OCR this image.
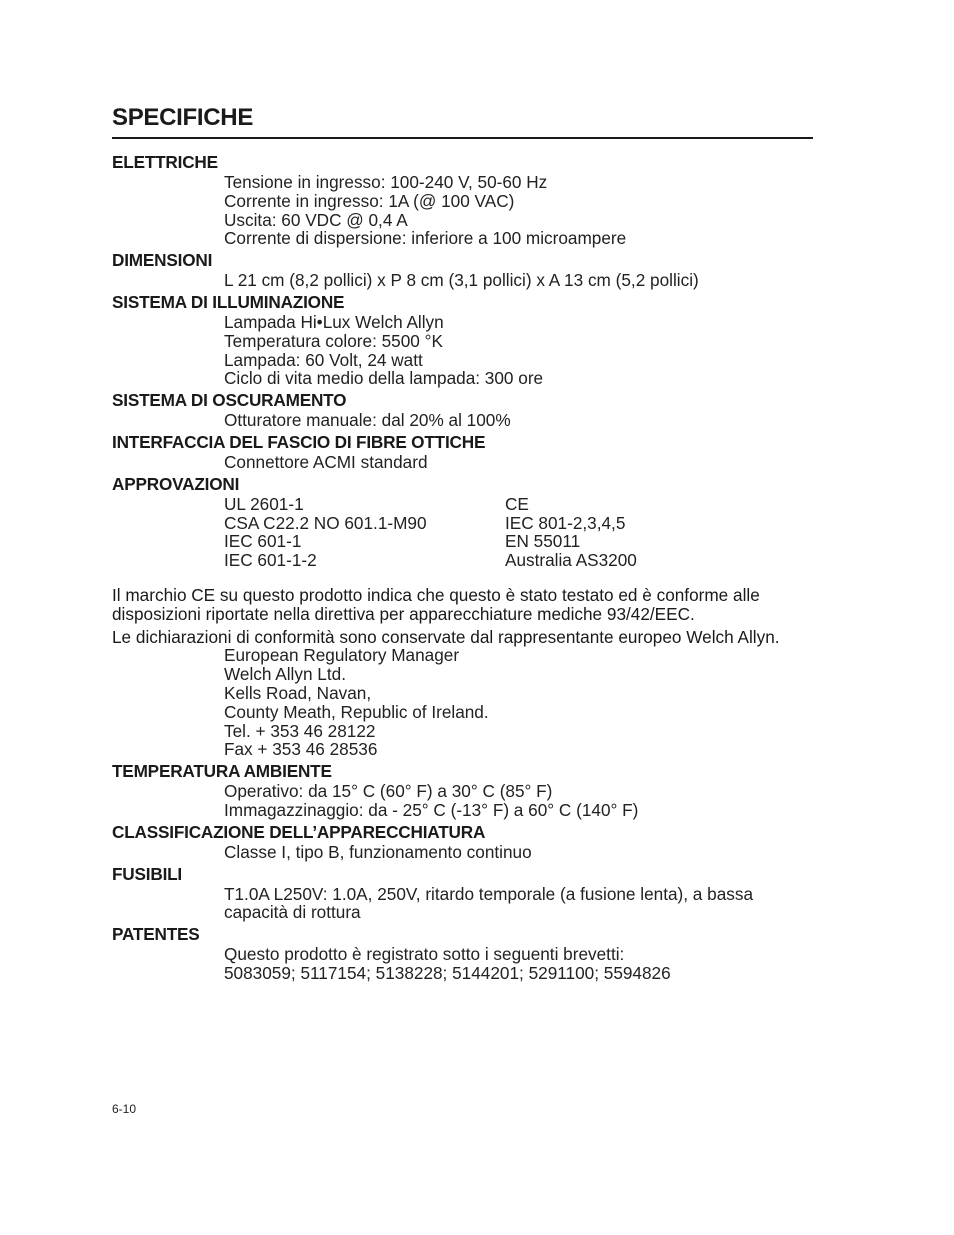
SPECIFICHE

ELETTRICHE

Tensione in ingresso: 100-240 V, 50-60 Hz
Corrente in ingresso: 1A (@ 100 VAC)
Uscita: 60 VDC @ 0,4 A
Corrente di dispersione: inferiore a 100 microampere

DIMENSIONI

L 21 cm (8,2 pollici) x P 8 cm (3,1 pollici) x A 13 cm (5,2 pollici)

SISTEMA DI ILLUMINAZIONE

Lampada Hi•Lux Welch Allyn
Temperatura colore: 5500 °K
Lampada: 60 Volt, 24 watt
Ciclo di vita medio della lampada: 300 ore

SISTEMA DI OSCURAMENTO

Otturatore manuale: dal 20% al 100%

INTERFACCIA DEL FASCIO DI FIBRE OTTICHE

Connettore ACMI standard

APPROVAZIONI

UL 2601-1
CSA C22.2 NO 601.1-M90
IEC 601-1
IEC 601-1-2
CE
IEC 801-2,3,4,5
EN 55011
Australia AS3200

Il marchio CE su questo prodotto indica che questo è stato testato ed è conforme alle disposizioni riportate nella direttiva per apparecchiature mediche 93/42/EEC.

Le dichiarazioni di conformità sono conservate dal rappresentante europeo Welch Allyn.

European Regulatory Manager
Welch Allyn Ltd.
Kells Road, Navan,
County Meath, Republic of Ireland.
Tel. + 353 46 28122
Fax + 353 46 28536

TEMPERATURA AMBIENTE

Operativo: da 15° C (60° F) a 30° C (85° F)
Immagazzinaggio: da - 25° C (-13° F) a 60° C (140° F)

CLASSIFICAZIONE DELL’APPARECCHIATURA

Classe I, tipo B, funzionamento continuo

FUSIBILI

T1.0A L250V: 1.0A, 250V, ritardo temporale (a fusione lenta), a bassa capacità di rottura

PATENTES

Questo prodotto è registrato sotto i seguenti brevetti:
5083059; 5117154; 5138228; 5144201; 5291100; 5594826
6-10
